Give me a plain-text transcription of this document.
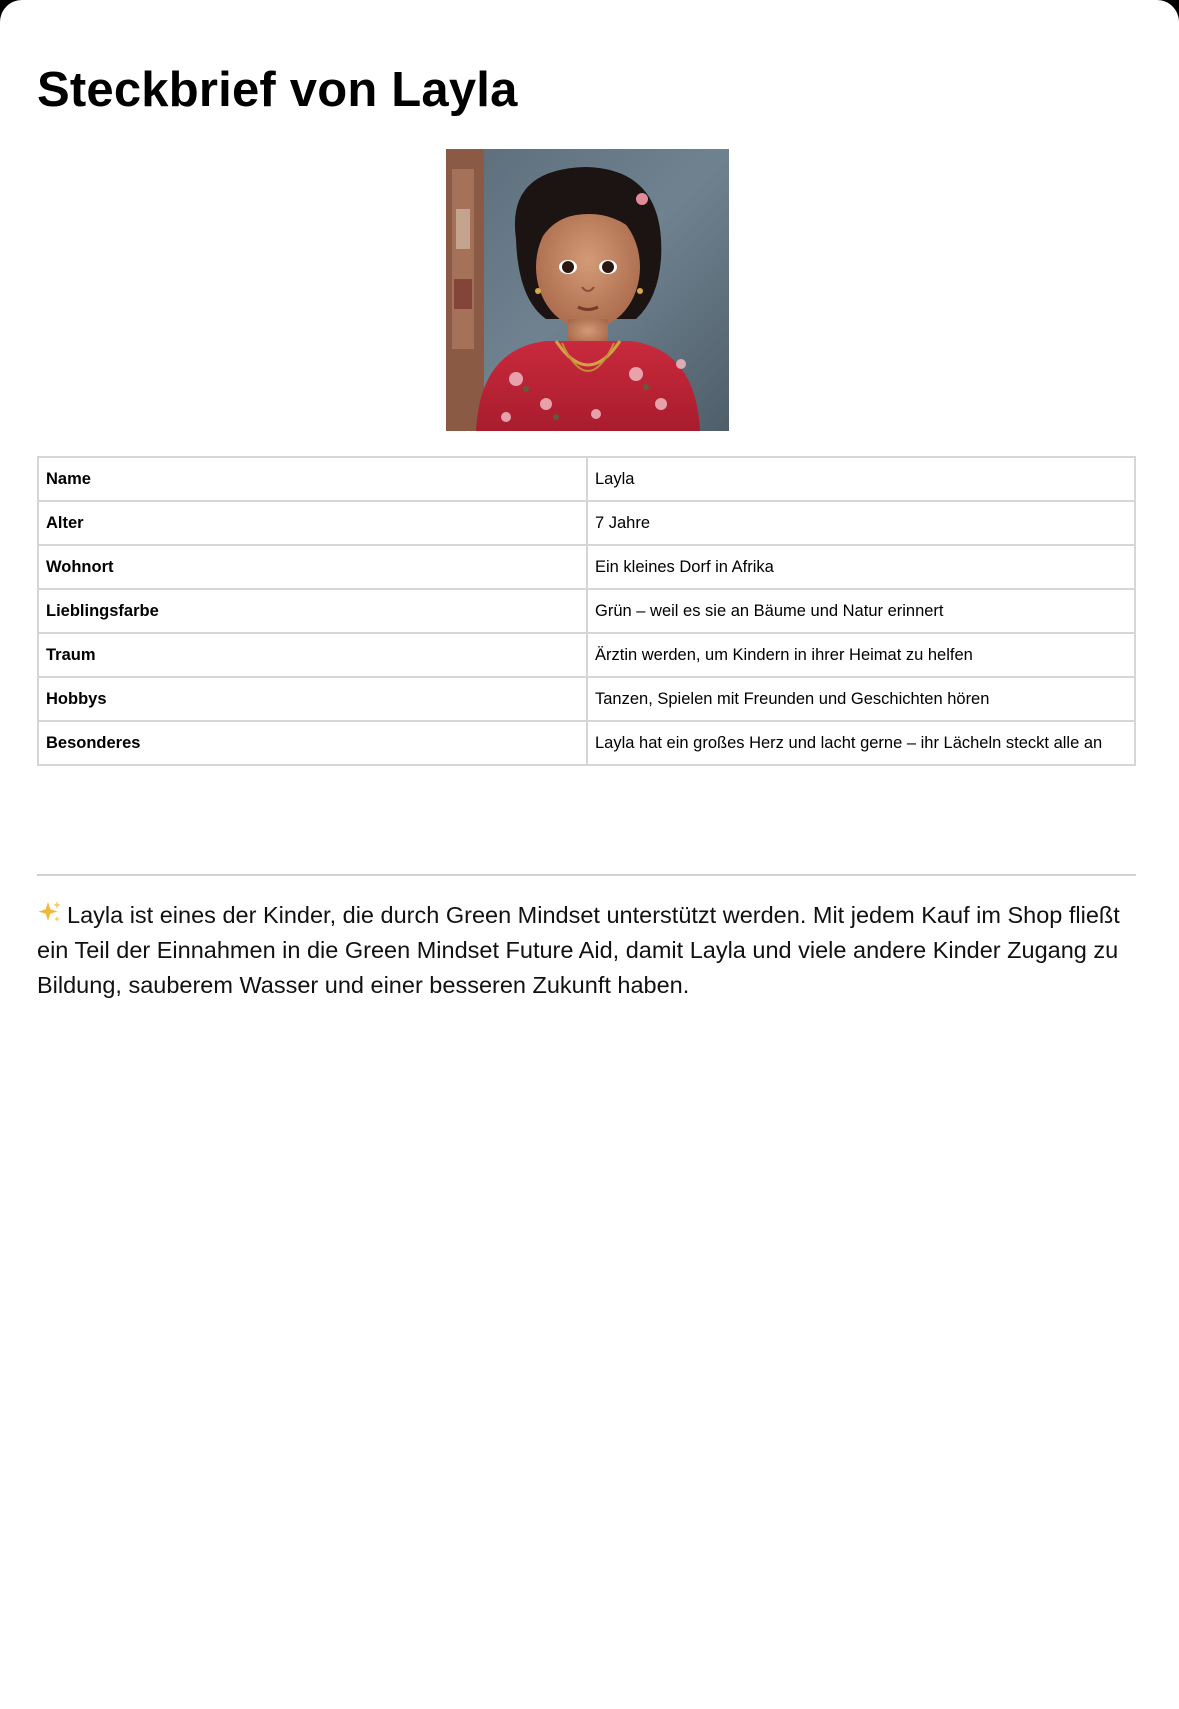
Steckbrief von Layla
Name	Layla
Alter	7 Jahre
Wohnort	Ein kleines Dorf in Afrika
Lieblingsfarbe	Grün – weil es sie an Bäume und Natur erinnert
Traum	Ärztin werden, um Kindern in ihrer Heimat zu helfen
Hobbys	Tanzen, Spielen mit Freunden und Geschichten hören
Besonderes	Layla hat ein großes Herz und lacht gerne – ihr Lächeln steckt alle an

Layla ist eines der Kinder, die durch Green Mindset unterstützt werden. Mit jedem Kauf im Shop fließt ein Teil der Einnahmen in die Green Mindset Future Aid, damit Layla und viele andere Kinder Zugang zu Bildung, sauberem Wasser und einer besseren Zukunft haben.
